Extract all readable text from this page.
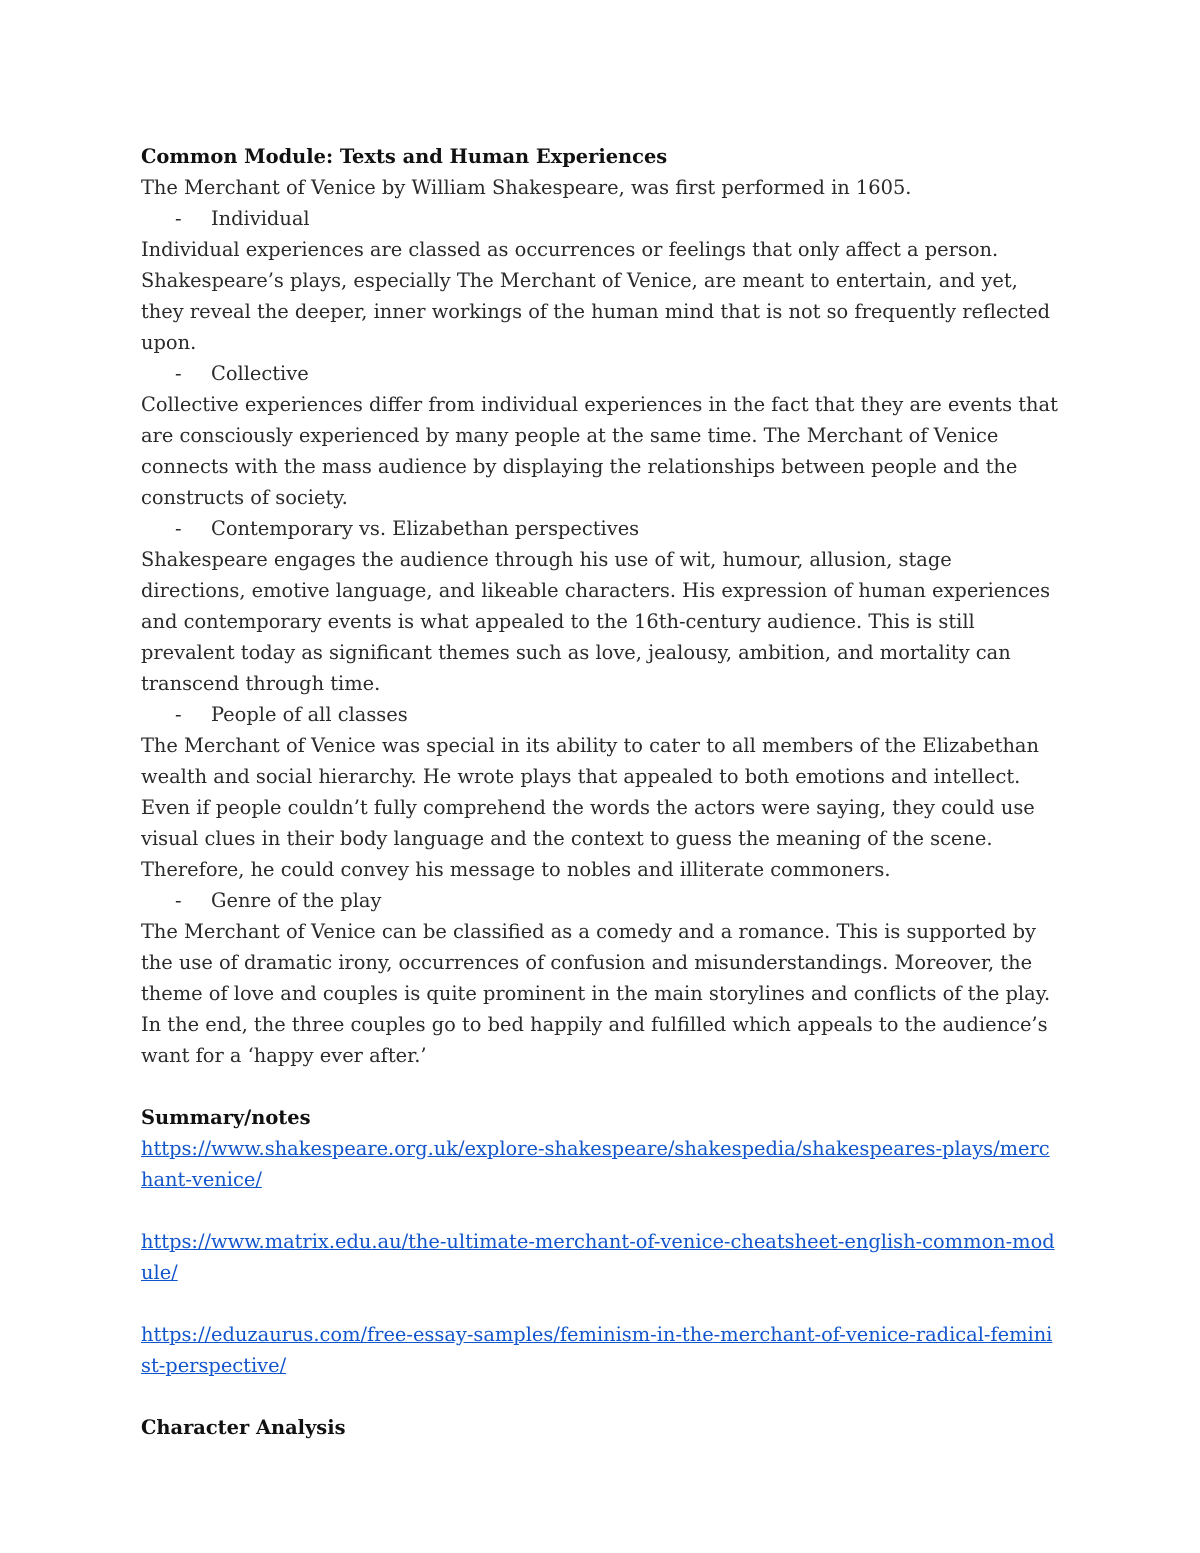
Common Module: Texts and Human Experiences
The Merchant of Venice by William Shakespeare, was first performed in 1605.
- Individual
Individual experiences are classed as occurrences or feelings that only affect a person. Shakespeare’s plays, especially The Merchant of Venice, are meant to entertain, and yet, they reveal the deeper, inner workings of the human mind that is not so frequently reflected upon.
- Collective
Collective experiences differ from individual experiences in the fact that they are events that are consciously experienced by many people at the same time. The Merchant of Venice connects with the mass audience by displaying the relationships between people and the constructs of society.
- Contemporary vs. Elizabethan perspectives
Shakespeare engages the audience through his use of wit, humour, allusion, stage directions, emotive language, and likeable characters. His expression of human experiences and contemporary events is what appealed to the 16th-century audience. This is still prevalent today as significant themes such as love, jealousy, ambition, and mortality can transcend through time.
- People of all classes
The Merchant of Venice was special in its ability to cater to all members of the Elizabethan wealth and social hierarchy. He wrote plays that appealed to both emotions and intellect. Even if people couldn’t fully comprehend the words the actors were saying, they could use visual clues in their body language and the context to guess the meaning of the scene. Therefore, he could convey his message to nobles and illiterate commoners.
- Genre of the play
The Merchant of Venice can be classified as a comedy and a romance. This is supported by the use of dramatic irony, occurrences of confusion and misunderstandings. Moreover, the theme of love and couples is quite prominent in the main storylines and conflicts of the play. In the end, the three couples go to bed happily and fulfilled which appeals to the audience’s want for a ‘happy ever after.’
Summary/notes
https://www.shakespeare.org.uk/explore-shakespeare/shakespedia/shakespeares-plays/merchant-venice/
https://www.matrix.edu.au/the-ultimate-merchant-of-venice-cheatsheet-english-common-module/
https://eduzaurus.com/free-essay-samples/feminism-in-the-merchant-of-venice-radical-feminist-perspective/
Character Analysis
